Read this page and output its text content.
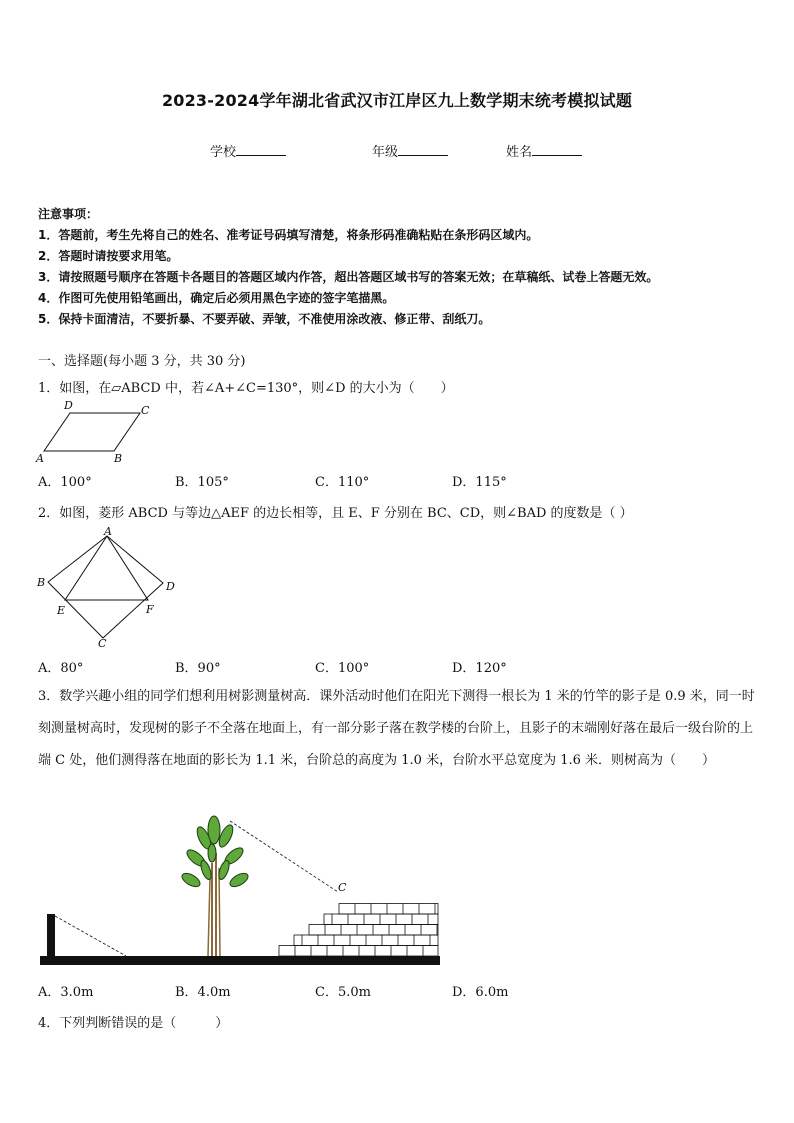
2023-2024学年湖北省武汉市江岸区九上数学期末统考模拟试题
学校	年级	姓名
注意事项：
1．答题前，考生先将自己的姓名、准考证号码填写清楚，将条形码准确粘贴在条形码区域内。
2．答题时请按要求用笔。
3．请按照题号顺序在答题卡各题目的答题区域内作答，超出答题区域书写的答案无效；在草稿纸、试卷上答题无效。
4．作图可先使用铅笔画出，确定后必须用黑色字迹的签字笔描黑。
5．保持卡面清洁，不要折暴、不要弄破、弄皱，不准使用涂改液、修正带、刮纸刀。
一、选择题(每小题 3 分，共 30 分)
1．如图，在▱ABCD 中，若∠A+∠C=130°，则∠D 的大小为（　　）
A	B
C
D
A．100°	B．105°	C．110°	D．115°
2．如图，菱形 ABCD 与等边△AEF 的边长相等，且 E、F 分别在 BC、CD，则∠BAD 的度数是（ ）
A
B
C
D
E	F
A．80°	B．90°	C．100°	D．120°
3．数学兴趣小组的同学们想利用树影测量树高．课外活动时他们在阳光下测得一根长为 1 米的竹竿的影子是 0.9 米，同一时刻测量树高时，发现树的影子不全落在地面上，有一部分影子落在教学楼的台阶上，且影子的末端刚好落在最后一级台阶的上端 C 处，他们测得落在地面的影长为 1.1 米，台阶总的高度为 1.0 米，台阶水平总宽度为 1.6 米．则树高为（　　）
C
A．3.0m	B．4.0m	C．5.0m	D．6.0m
4．下列判断错误的是（　　　）
